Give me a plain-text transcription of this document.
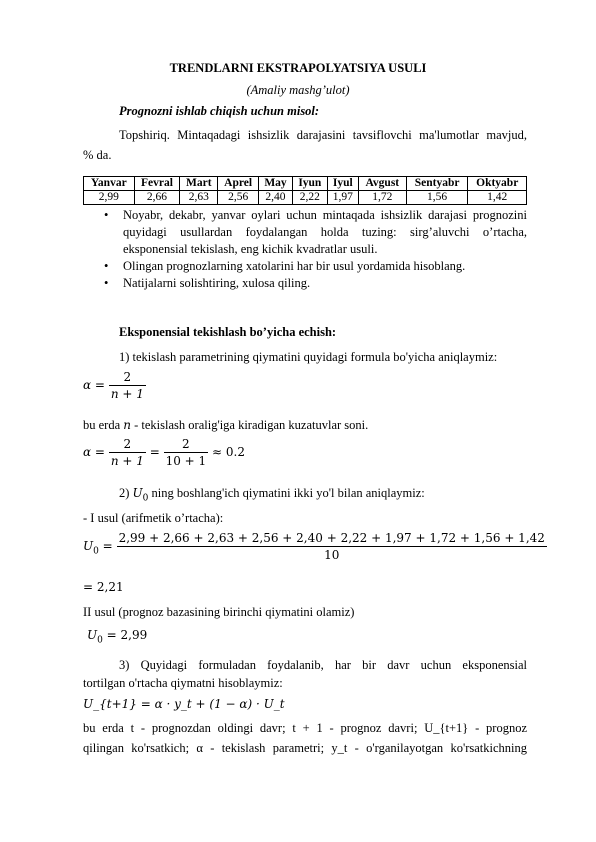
TRENDLARNI EKSTRAPOLYATSIYA USULI
(Amaliy mashg’ulot)
Prognozni ishlab chiqish uchun misol:
Topshiriq. Mintaqadagi ishsizlik darajasini tavsiflovchi ma'lumotlar mavjud,
% da.
Yanvar	Fevral	Mart	Aprel	May	Iyun	Iyul	Avgust	Sentyabr	Oktyabr
2,99	2,66	2,63	2,56	2,40	2,22	1,97	1,72	1,56	1,42
• Noyabr, dekabr, yanvar oylari uchun mintaqada ishsizlik darajasi prognozini quyidagi usullardan foydalangan holda tuzing: sirg’aluvchi o’rtacha, eksponensial tekislash, eng kichik kvadratlar usuli.
• Olingan prognozlarning xatolarini har bir usul yordamida hisoblang.
• Natijalarni solishtiring, xulosa qiling.
Eksponensial tekishlash bo’yicha echish:
1) tekislash parametrining qiymatini quyidagi formula bo'yicha aniqlaymiz:
$\alpha = \frac{2}{n + 1}$
bu erda n - tekislash oralig'iga kiradigan kuzatuvlar soni.
$\alpha = \frac{2}{n + 1} = \frac{2}{10 + 1} \approx 0.2$
2) $U_0$ ning boshlang'ich qiymatini ikki yo'l bilan aniqlaymiz:
- I usul (arifmetik o’rtacha):
$U_0$ =
2,99 + 2,66 + 2,63 + 2,56 + 2,40 + 2,22 + 1,97 + 1,72 + 1,56 + 1,42
10
= 2,21
II usul (prognoz bazasining birinchi qiymatini olamiz)
$U_0 = 2,99$
3) Quyidagi formuladan foydalanib, har bir davr uchun eksponensial
tortilgan o'rtacha qiymatni hisoblaymiz:
U_{t+1} = α · y_t + (1 − α) · U_t
bu erda t - prognozdan oldingi davr; t + 1 - prognoz davri; U_{t+1} - prognoz
qilingan ko'rsatkich; α - tekislash parametri; y_t - o'rganilayotgan ko'rsatkichning
